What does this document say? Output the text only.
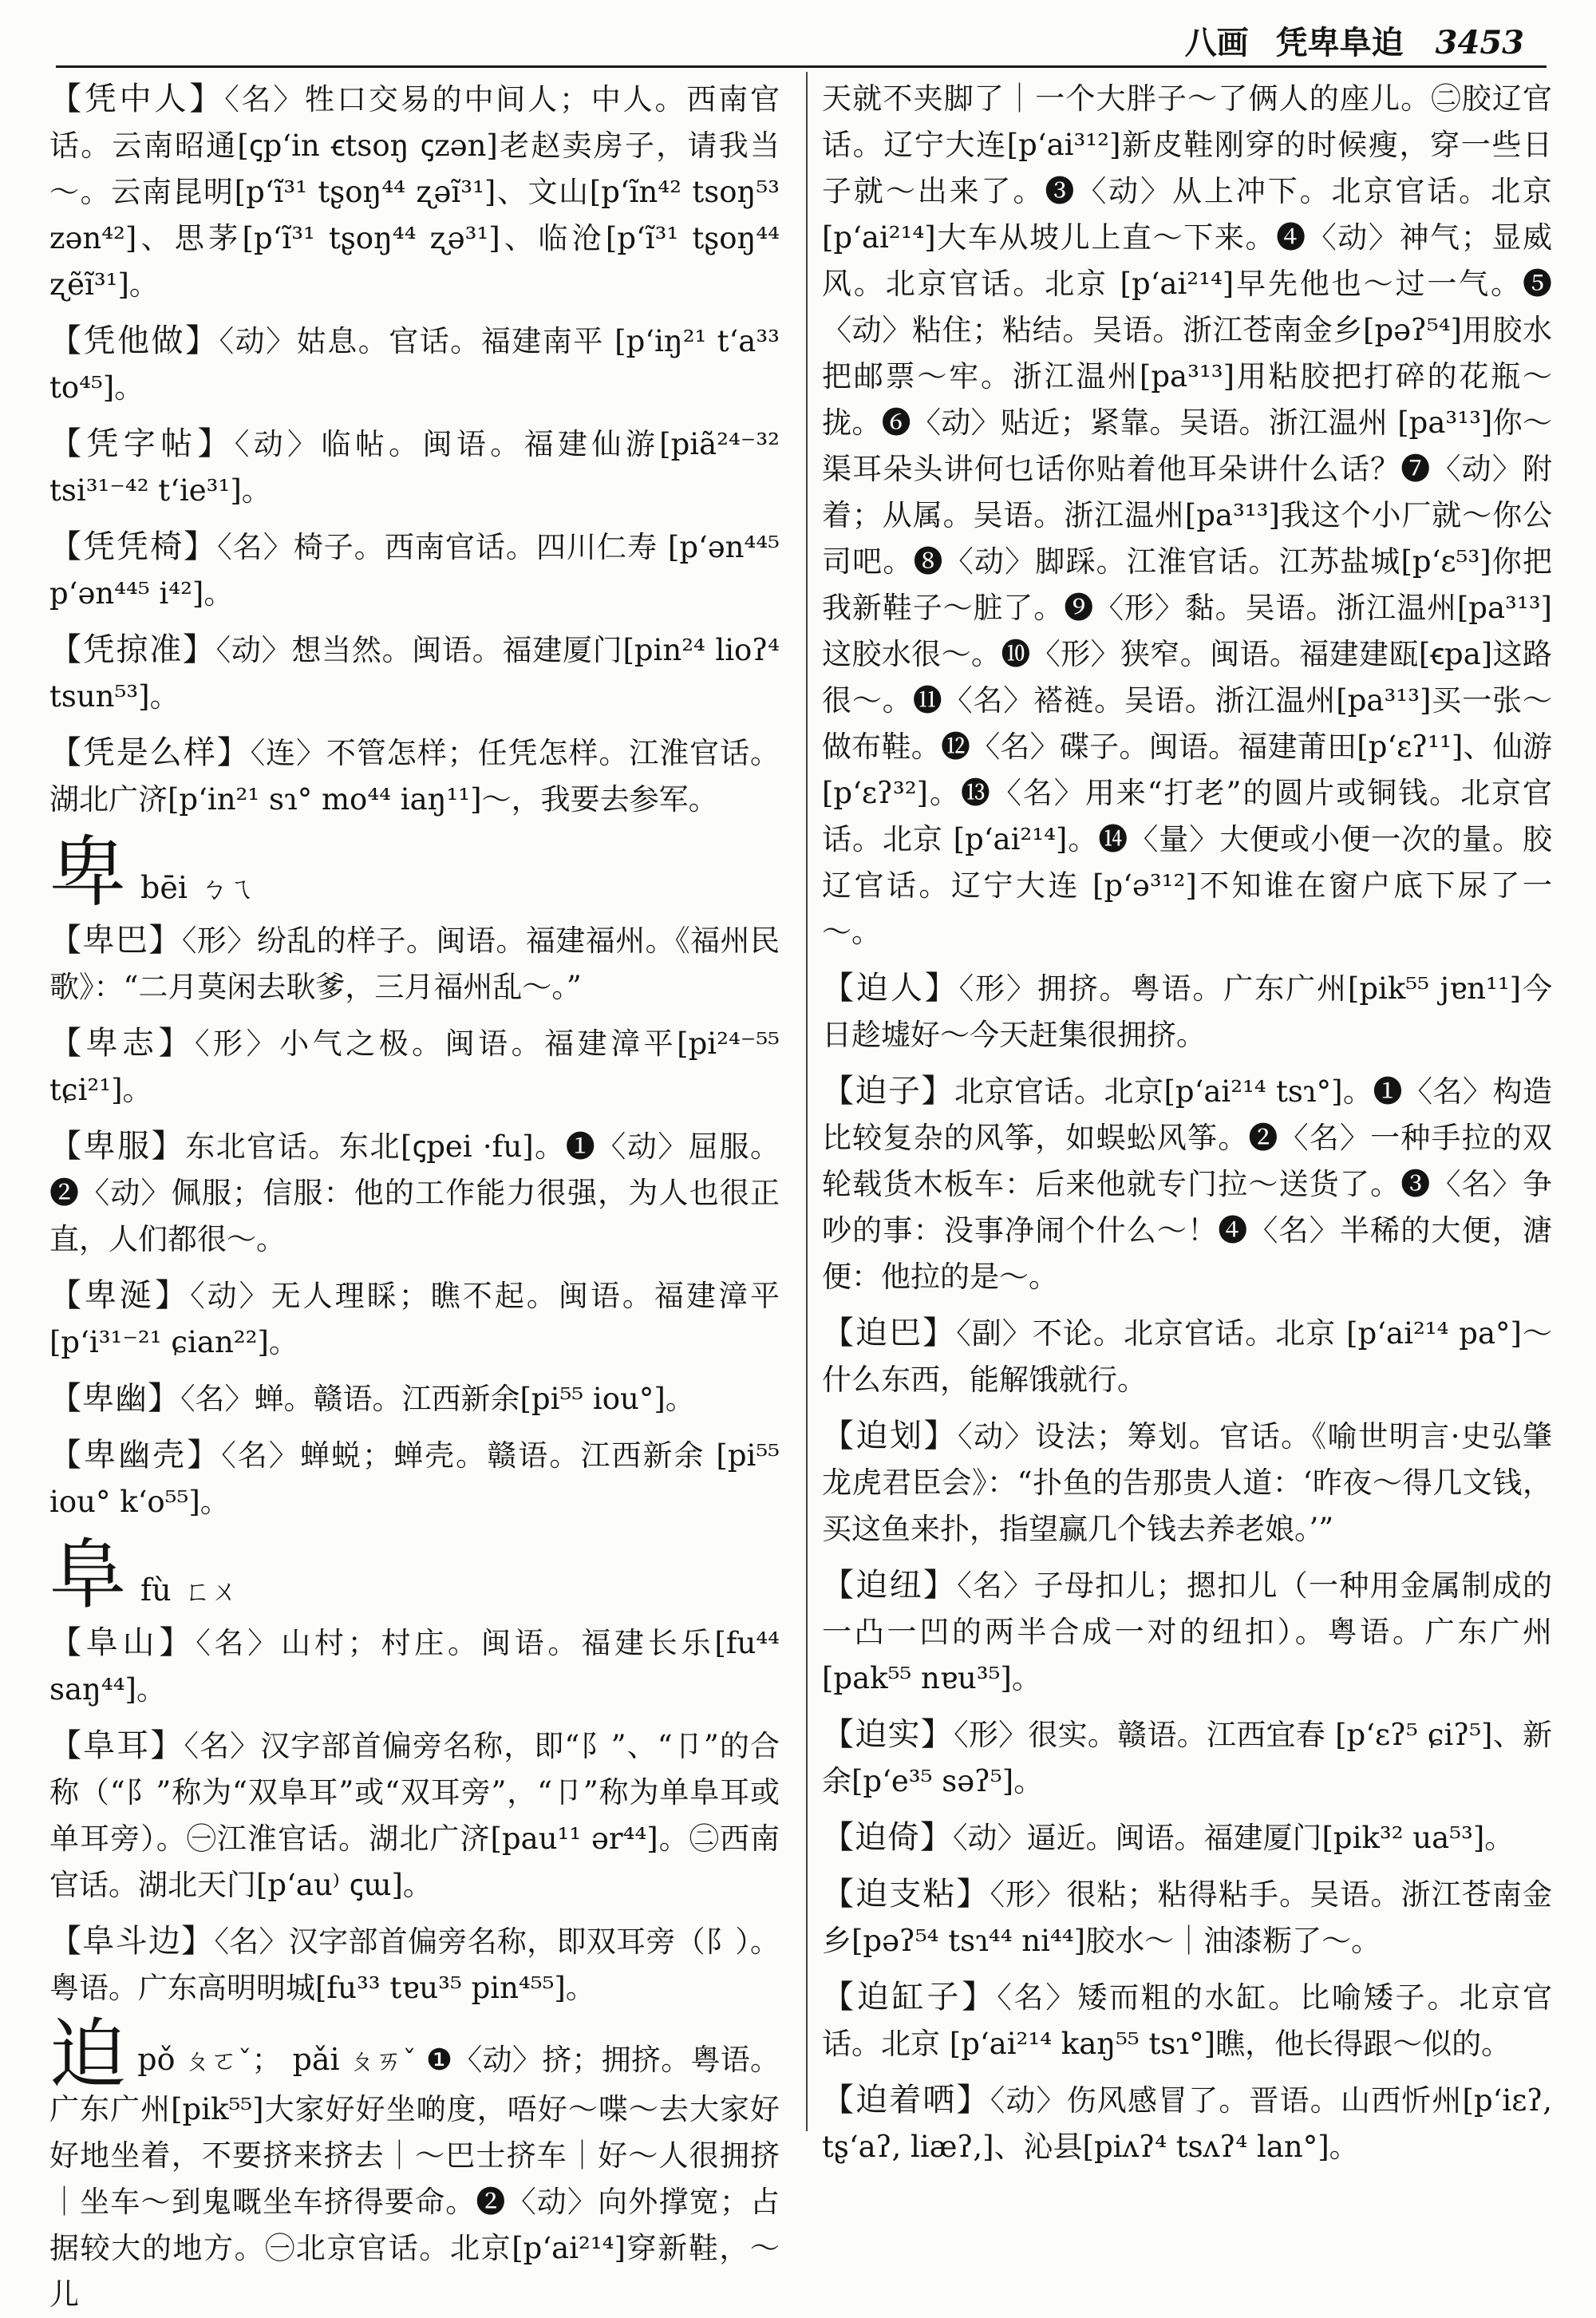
八画 凭卑阜迫 3453
【凭中人】〈名〉牲口交易的中间人；中人。西南官话。云南昭通[ꞔp‘in ꞓtsoŋ ꞔzən]老赵卖房子，请我当～。云南昆明[p‘ĩ³¹ tʂoŋ⁴⁴ ʐəĩ³¹]、文山[p‘ĩn⁴² tsoŋ⁵³ zən⁴²]、思茅[p‘ĩ³¹ tʂoŋ⁴⁴ ʐə³¹]、临沧[p‘ĩ³¹ tʂoŋ⁴⁴ ʐẽĩ³¹]。
【凭他做】〈动〉姑息。官话。福建南平 [p‘iŋ²¹ t‘a³³ to⁴⁵]。
【凭字帖】〈动〉临帖。闽语。福建仙游[piã²⁴⁻³² tsi³¹⁻⁴² t‘ie³¹]。
【凭凭椅】〈名〉椅子。西南官话。四川仁寿 [p‘ən⁴⁴⁵ p‘ən⁴⁴⁵ i⁴²]。
【凭掠准】〈动〉想当然。闽语。福建厦门[pin²⁴ lioʔ⁴ tsun⁵³]。
【凭是么样】〈连〉不管怎样；任凭怎样。江淮官话。湖北广济[p‘in²¹ sɿ° mo⁴⁴ iaŋ¹¹]～，我要去参军。
卑 bēi ㄅㄟ
【卑巴】〈形〉纷乱的样子。闽语。福建福州。《福州民歌》：“二月莫闲去耿爹，三月福州乱～。”
【卑志】〈形〉小气之极。闽语。福建漳平[pi²⁴⁻⁵⁵ tɕi²¹]。
【卑服】东北官话。东北[ꞔpei ·fu]。❶〈动〉屈服。❷〈动〉佩服；信服：他的工作能力很强，为人也很正直，人们都很～。
【卑涎】〈动〉无人理睬；瞧不起。闽语。福建漳平[p‘i³¹⁻²¹ ɕian²²]。
【卑幽】〈名〉蝉。赣语。江西新余[pi⁵⁵ iou°]。
【卑幽壳】〈名〉蝉蜕；蝉壳。赣语。江西新余 [pi⁵⁵ iou° k‘o⁵⁵]。
阜 fù ㄈㄨ
【阜山】〈名〉山村；村庄。闽语。福建长乐[fu⁴⁴ saŋ⁴⁴]。
【阜耳】〈名〉汉字部首偏旁名称，即“阝”、“卩”的合称（“阝”称为“双阜耳”或“双耳旁”，“卩”称为单阜耳或单耳旁）。㊀江淮官话。湖北广济[pau¹¹ ər⁴⁴]。㊁西南官话。湖北天门[p‘au⁾ ꞔɯ]。
【阜斗边】〈名〉汉字部首偏旁名称，即双耳旁（阝）。粤语。广东高明明城[fu³³ tɐu³⁵ pin⁴⁵⁵]。
迫pǒ ㄆㄛˇ； pǎi ㄆㄞˇ ❶〈动〉挤；拥挤。粤语。广东广州[pik⁵⁵]大家好好坐啲度，唔好～喋～去大家好好地坐着，不要挤来挤去｜～巴士挤车｜好～人很拥挤｜坐车～到鬼嘅坐车挤得要命。❷〈动〉向外撑宽；占据较大的地方。㊀北京官话。北京[p‘ai²¹⁴]穿新鞋，～儿
天就不夹脚了｜一个大胖子～了俩人的座儿。㊁胶辽官话。辽宁大连[p‘ai³¹²]新皮鞋刚穿的时候瘦，穿一些日子就～出来了。❸〈动〉从上冲下。北京官话。北京[p‘ai²¹⁴]大车从坡儿上直～下来。❹〈动〉神气；显威风。北京官话。北京 [p‘ai²¹⁴]早先他也～过一气。❺〈动〉粘住；粘结。吴语。浙江苍南金乡[pəʔ⁵⁴]用胶水把邮票～牢。浙江温州[pa³¹³]用粘胶把打碎的花瓶～拢。❻〈动〉贴近；紧靠。吴语。浙江温州 [pa³¹³]你～渠耳朵头讲何乜话你贴着他耳朵讲什么话？❼〈动〉附着；从属。吴语。浙江温州[pa³¹³]我这个小厂就～你公司吧。❽〈动〉脚踩。江淮官话。江苏盐城[p‘ɛ⁵³]你把我新鞋子～脏了。❾〈形〉黏。吴语。浙江温州[pa³¹³]这胶水很～。❿〈形〉狭窄。闽语。福建建瓯[ꞓpa]这路很～。⓫〈名〉褡裢。吴语。浙江温州[pa³¹³]买一张～做布鞋。⓬〈名〉碟子。闽语。福建莆田[p‘ɛʔ¹¹]、仙游[p‘ɛʔ³²]。⓭〈名〉用来“打老”的圆片或铜钱。北京官话。北京 [p‘ai²¹⁴]。⓮〈量〉大便或小便一次的量。胶辽官话。辽宁大连 [p‘ə³¹²]不知谁在窗户底下尿了一～。
【迫人】〈形〉拥挤。粤语。广东广州[pik⁵⁵ jɐn¹¹]今日趁墟好～今天赶集很拥挤。
【迫子】北京官话。北京[p‘ai²¹⁴ tsɿ°]。❶〈名〉构造比较复杂的风筝，如蜈蚣风筝。❷〈名〉一种手拉的双轮载货木板车：后来他就专门拉～送货了。❸〈名〉争吵的事：没事净闹个什么～！❹〈名〉半稀的大便，溏便：他拉的是～。
【迫巴】〈副〉不论。北京官话。北京 [p‘ai²¹⁴ pa°]～什么东西，能解饿就行。
【迫划】〈动〉设法；筹划。官话。《喻世明言·史弘肇龙虎君臣会》：“扑鱼的告那贵人道：‘昨夜～得几文钱，买这鱼来扑，指望赢几个钱去养老娘。’”
【迫纽】〈名〉子母扣儿；摁扣儿（一种用金属制成的一凸一凹的两半合成一对的纽扣）。粤语。广东广州[pak⁵⁵ nɐu³⁵]。
【迫实】〈形〉很实。赣语。江西宜春 [p‘ɛʔ⁵ ɕiʔ⁵]、新余[p‘e³⁵ səʔ⁵]。
【迫倚】〈动〉逼近。闽语。福建厦门[pik³² ua⁵³]。
【迫支粘】〈形〉很粘；粘得粘手。吴语。浙江苍南金乡[pəʔ⁵⁴ tsɿ⁴⁴ ni⁴⁴]胶水～｜油漆粝了～。
【迫缸子】〈名〉矮而粗的水缸。比喻矮子。北京官话。北京 [p‘ai²¹⁴ kaŋ⁵⁵ tsɿ°]瞧，他长得跟～似的。
【迫着哂】〈动〉伤风感冒了。晋语。山西忻州[p‘iɛʔ, tʂ‘aʔ, liæʔ,]、沁县[piʌʔ⁴ tsʌʔ⁴ lan°]。
